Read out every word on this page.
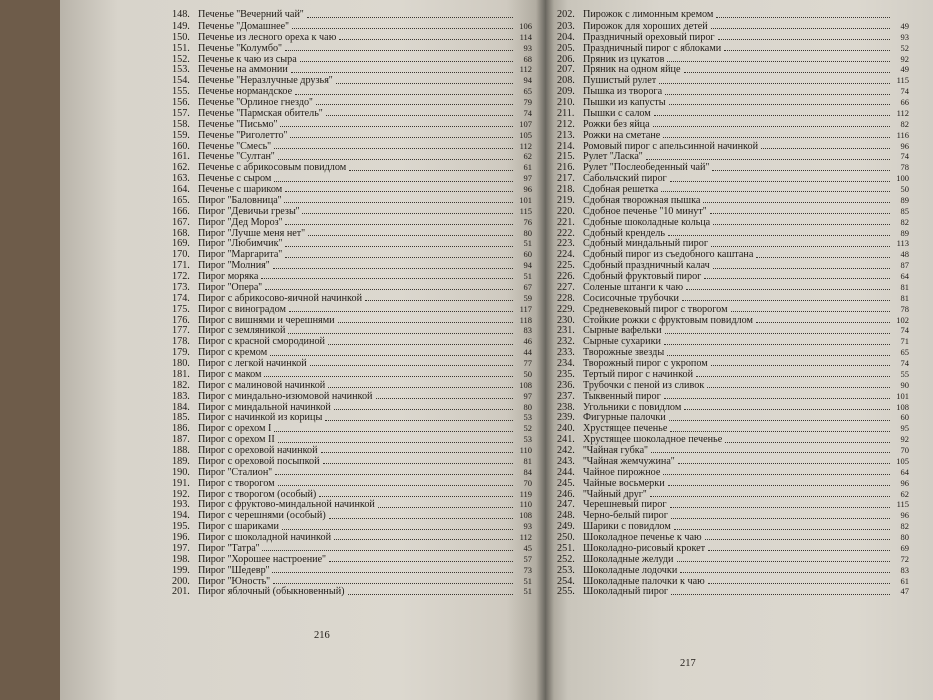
148. Печенье ''Вечерний чай''
149. Печенье ''Домашнее''	106
150. Печенье из лесного ореха к чаю	114
151. Печенье ''Колумбо''	93
152. Печенье к чаю из сыра	68
153. Печенье на аммонии	112
154. Печенье ''Неразлучные друзья''	94
155. Печенье нормандское	65
156. Печенье ''Орлиное гнездо''	79
157. Печенье ''Пармская обитель''	74
158. Печенье ''Письмо''	107
159. Печенье ''Риголетто''	105
160. Печенье ''Смесь''	112
161. Печенье ''Султан''	62
162. Печенье с абрикосовым повидлом	61
163. Печенье с сыром	97
164. Печенье с шариком	96
165. Пирог ''Баловница''	101
166. Пирог ''Девичьи грезы''	115
167. Пирог ''Дед Мороз''	76
168. Пирог ''Лучше меня нет''	80
169. Пирог ''Любимчик''	51
170. Пирог ''Маргарита''	60
171. Пирог ''Молния''	94
172. Пирог моряка	51
173. Пирог ''Опера''	67
174. Пирог с абрикосово-яичной начинкой	59
175. Пирог с виноградом	117
176. Пирог с вишнями и черешнями	118
177. Пирог с земляникой	83
178. Пирог с красной смородиной	46
179. Пирог с кремом	44
180. Пирог с легкой начинкой	77
181. Пирог с маком	50
182. Пирог с малиновой начинкой	108
183. Пирог с миндально-изюмовой начинкой	97
184. Пирог с миндальной начинкой	80
185. Пирог с начинкой из корицы	53
186. Пирог с орехом I	52
187. Пирог с орехом II	53
188. Пирог с ореховой начинкой	110
189. Пирог с ореховой посыпкой	81
190. Пирог ''Сталион''	84
191. Пирог с творогом	70
192. Пирог с творогом (особый)	119
193. Пирог с фруктово-миндальной начинкой	110
194. Пирог с черешнями (особый)	108
195. Пирог с шариками	93
196. Пирог с шоколадной начинкой	112
197. Пирог ''Татра''	45
198. Пирог ''Хорошее настроение''	57
199. Пирог ''Шедевр''	73
200. Пирог ''Юность''	51
201. Пирог яблочный (обыкновенный)	51
216
202. Пирожок с лимонным кремом
203. Пирожок для хороших детей	49
204. Праздничный ореховый пирог	93
205. Праздничный пирог с яблоками	52
206. Пряник из цукатов	92
207. Пряник на одном яйце	49
208. Пушистый рулет	115
209. Пышка из творога	74
210. Пышки из капусты	66
211. Пышки с салом	112
212. Рожки без яйца	82
213. Рожки на сметане	116
214. Ромовый пирог с апельсинной начинкой	96
215. Рулет ''Ласка''	74
216. Рулет ''Послеобеденный чай''	78
217. Сабольчский пирог	100
218. Сдобная решетка	50
219. Сдобная творожная пышка	89
220. Сдобное печенье ''10 минут''	85
221. Сдобные шоколадные кольца	82
222. Сдобный крендель	89
223. Сдобный миндальный пирог	113
224. Сдобный пирог из съедобного каштана	48
225. Сдобный праздничный калач	87
226. Сдобный фруктовый пирог	64
227. Соленые штанги к чаю	81
228. Сосисочные трубочки	81
229. Средневековый пирог с творогом	78
230. Стойкие рожки с фруктовым повидлом	102
231. Сырные вафельки	74
232. Сырные сухарики	71
233. Творожные звезды	65
234. Творожный пирог с укропом	74
235. Тертый пирог с начинкой	55
236. Трубочки с пеной из сливок	90
237. Тыквенный пирог	101
238. Угольники с повидлом	108
239. Фигурные палочки	60
240. Хрустящее печенье	95
241. Хрустящее шоколадное печенье	92
242. ''Чайная губка''	70
243. ''Чайная жемчужина''	105
244. Чайное пирожное	64
245. Чайные восьмерки	96
246. ''Чайный друг''	62
247. Черешневый пирог	115
248. Черно-белый пирог	96
249. Шарики с повидлом	82
250. Шоколадное печенье к чаю	80
251. Шоколадно-рисовый крокет	69
252. Шоколадные желуди	72
253. Шоколадные лодочки	83
254. Шоколадные палочки к чаю	61
255. Шоколадный пирог	47
217
